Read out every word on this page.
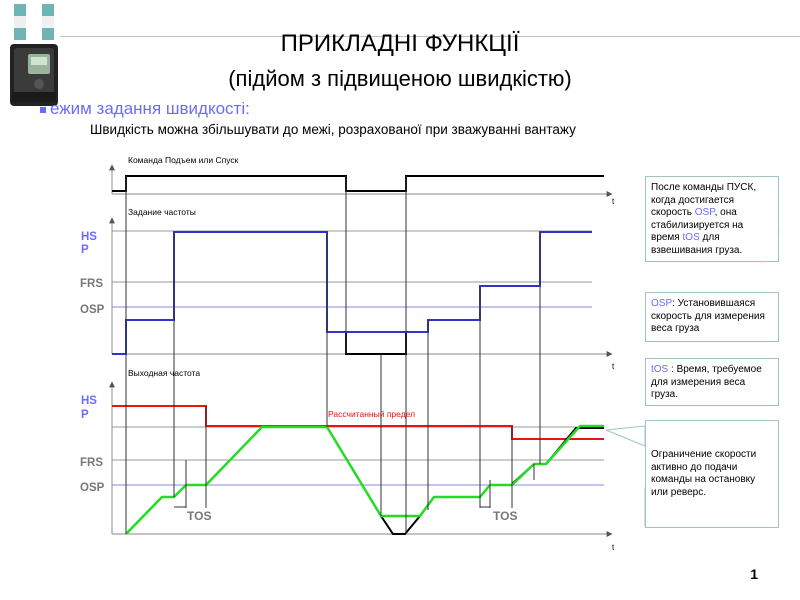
ПРИКЛАДНІ ФУНКЦІЇ
(підйом з підвищеною швидкістю)
ежим задання швидкості:
Швидкість можна збільшувати до межі, розрахованої при зважуванні вантажу
Команда Подъем или Спуск
t
Задание частоты
t
HS
P
FRS
OSP
Выходная частота
t
HS
P
FRS
OSP
Рассчитанный предел
TOS	TOS
После команды ПУСК, когда достигается скорость OSP, она стабилизируется на время tOS для взвешивания груза.
OSP: Установившаяся скорость для измерения веса груза
tOS : Время, требуемое для измерения веса груза.
Ограничение скорости активно до подачи команды на остановку или реверс.
1
